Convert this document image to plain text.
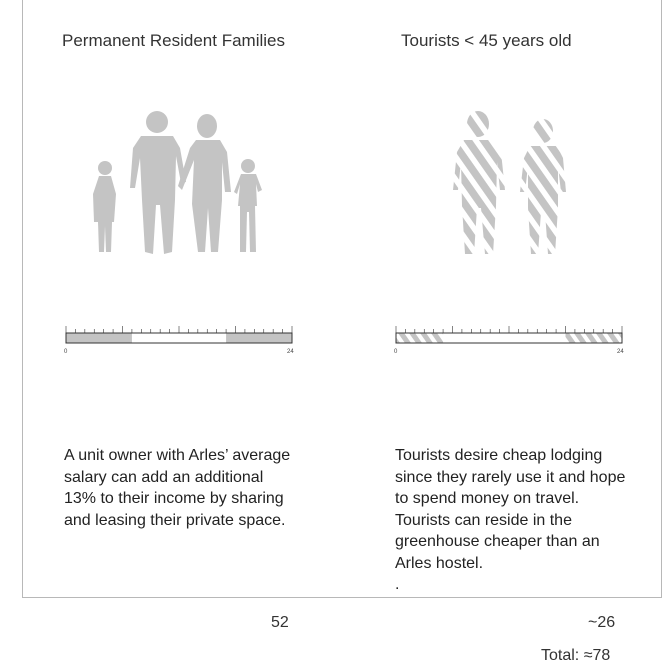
Permanent Resident Families	Tourists < 45 years old
0	24	0	24
A unit owner with Arles’ average salary can add an additional 13% to their income by sharing and leasing their private space.
Tourists desire cheap lodging since they rarely use it and hope to spend money on travel. Tourists can reside in the greenhouse cheaper than an Arles hostel.
.
52	~26
Total: ≈78
